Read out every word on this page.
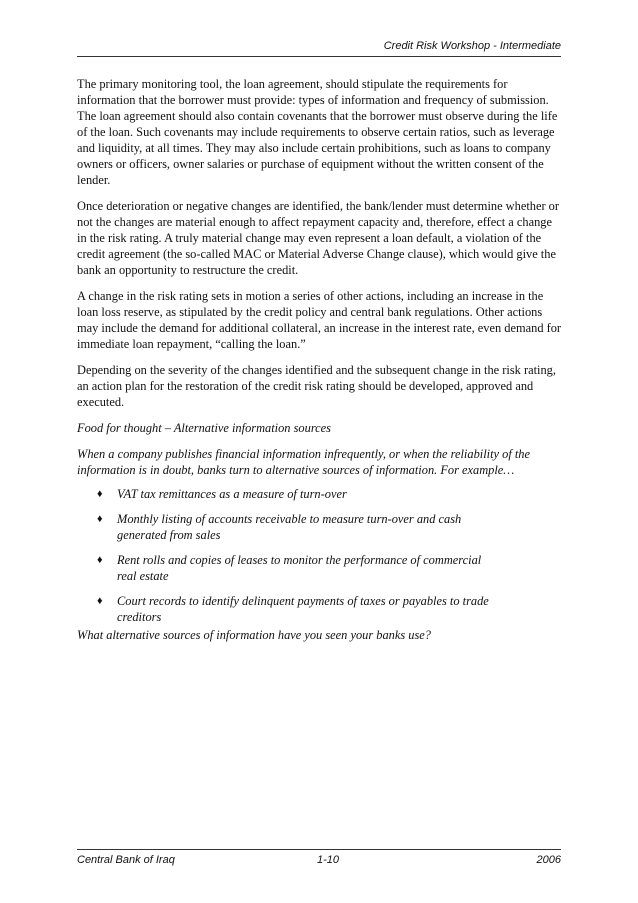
Credit Risk Workshop - Intermediate

The primary monitoring tool, the loan agreement, should stipulate the requirements for information that the borrower must provide: types of information and frequency of submission. The loan agreement should also contain covenants that the borrower must observe during the life of the loan. Such covenants may include requirements to observe certain ratios, such as leverage and liquidity, at all times. They may also include certain prohibitions, such as loans to company owners or officers, owner salaries or purchase of equipment without the written consent of the lender.

Once deterioration or negative changes are identified, the bank/lender must determine whether or not the changes are material enough to affect repayment capacity and, therefore, effect a change in the risk rating. A truly material change may even represent a loan default, a violation of the credit agreement (the so-called MAC or Material Adverse Change clause), which would give the bank an opportunity to restructure the credit.

A change in the risk rating sets in motion a series of other actions, including an increase in the loan loss reserve, as stipulated by the credit policy and central bank regulations. Other actions may include the demand for additional collateral, an increase in the interest rate, even demand for immediate loan repayment, “calling the loan.”

Depending on the severity of the changes identified and the subsequent change in the risk rating, an action plan for the restoration of the credit risk rating should be developed, approved and executed.

Food for thought – Alternative information sources

When a company publishes financial information infrequently, or when the reliability of the information is in doubt, banks turn to alternative sources of information. For example…

♦ VAT tax remittances as a measure of turn-over
♦ Monthly listing of accounts receivable to measure turn-over and cash
generated from sales
♦ Rent rolls and copies of leases to monitor the performance of commercial
real estate
♦ Court records to identify delinquent payments of taxes or payables to trade
creditors

What alternative sources of information have you seen your banks use?

Central Bank of Iraq	1-10	2006
